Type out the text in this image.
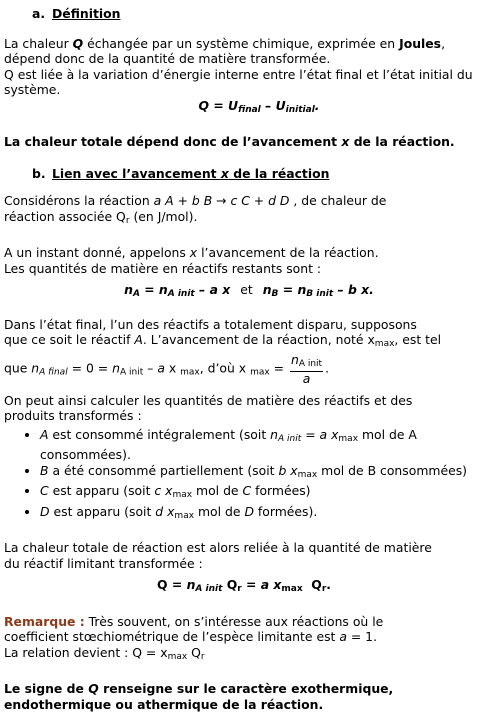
a. Définition

La chaleur Q échangée par un système chimique, exprimée en Joules, dépend donc de la quantité de matière transformée.
Q est liée à la variation d’énergie interne entre l’état final et l’état initial du système.

$Q = U_{final} - U_{initial}$.

La chaleur totale dépend donc de l’avancement x de la réaction.

b. Lien avec l’avancement x de la réaction

Considérons la réaction a A + b B → c C + d D , de chaleur de
réaction associée $Q_r$ (en J/mol).

A un instant donné, appelons x l’avancement de la réaction.
Les quantités de matière en réactifs restants sont :

$n_A = n_{A init} - a$ x et $n_B = n_{B init} - b$ x.

Dans l’état final, l’un des réactifs a totalement disparu, supposons
que ce soit le réactif A. L’avancement de la réaction, noté $x_{max}$, est tel
que $n_{A final} = 0 = n_{A init} - a$ x $_{max}$, d’où x $_{max} = \frac{n_{A init}}{a}$ .

On peut ainsi calculer les quantités de matière des réactifs et des
produits transformés :

• A est consommé intégralement (soit $n_{A init} = a$ $x_{max}$ mol de A
consommées).
• B a été consommé partiellement (soit b $x_{max}$ mol de B consommées)
• C est apparu (soit c $x_{max}$ mol de C formées)
• D est apparu (soit d $x_{max}$ mol de D formées).

La chaleur totale de réaction est alors reliée à la quantité de matière
du réactif limitant transformée :

$Q = n_{A init}$ $Q_r = a$ $x_{max}$ $Q_r$.

Remarque : Très souvent, on s’intéresse aux réactions où le
coefficient stœchiométrique de l’espèce limitante est a = 1.
La relation devient : $Q = x_{max}$ $Q_r$

Le signe de Q renseigne sur le caractère exothermique,
endothermique ou athermique de la réaction.
